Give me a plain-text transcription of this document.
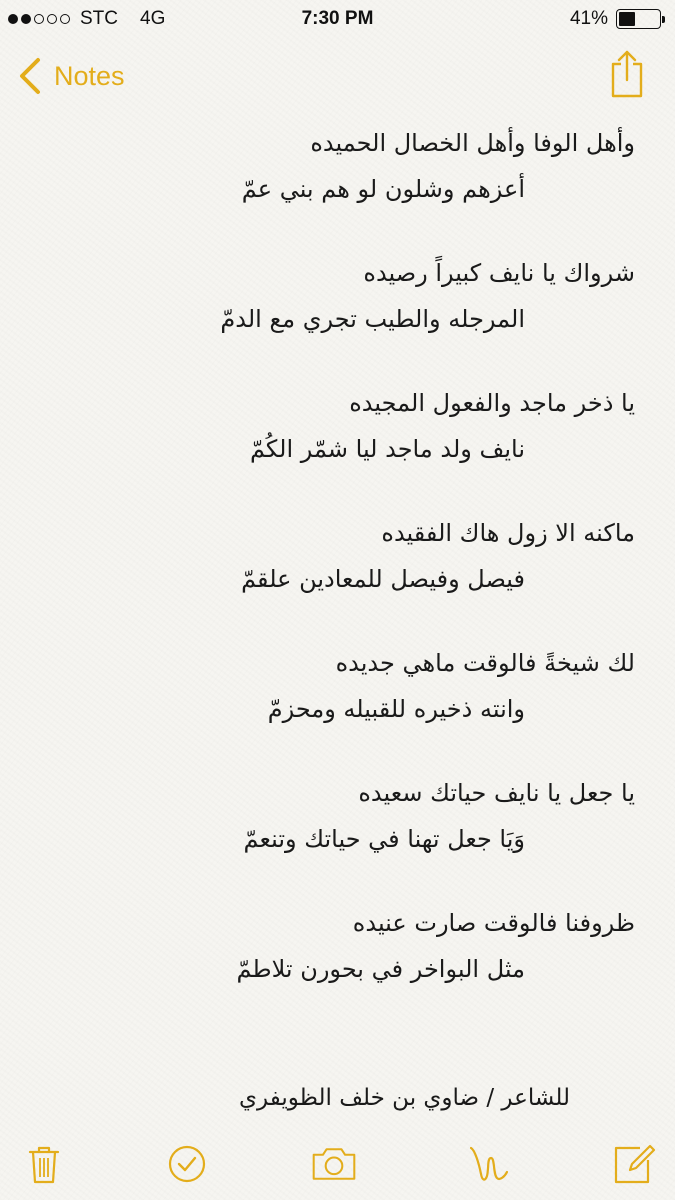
STC 4G	7:30 PM	41%
Notes
وأهل الوفا وأهل الخصال الحميده
أعزهم وشلون لو هم بني عمّ
شرواك يا نايف كبيراً رصيده
المرجله والطيب تجري مع الدمّ
يا ذخر ماجد والفعول المجيده
نايف ولد ماجد ليا شمّر الكُمّ
ماكنه الا زول هاك الفقيده
فيصل وفيصل للمعادين علقمّ
لك شيخةً فالوقت ماهي جديده
وانته ذخيره للقبيله ومحزمّ
يا جعل يا نايف حياتك سعيده
وَيَا جعل تهنا في حياتك وتنعمّ
ظروفنا فالوقت صارت عنيده
مثل البواخر في بحورن تلاطمّ
للشاعر / ضاوي بن خلف الظويفري
